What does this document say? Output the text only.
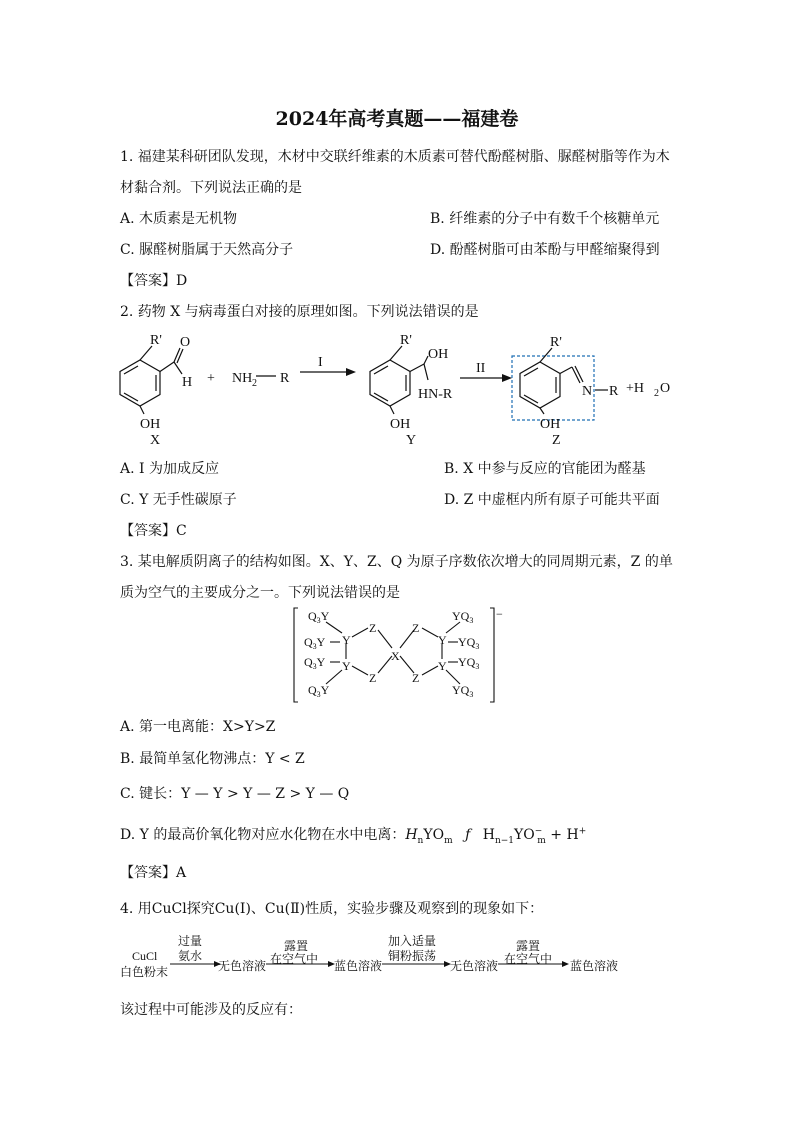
2024年高考真题——福建卷
1. 福建某科研团队发现，木材中交联纤维素的木质素可替代酚醛树脂、脲醛树脂等作为木
材黏合剂。下列说法正确的是
A. 木质素是无机物	B. 纤维素的分子中有数千个核糖单元
C. 脲醛树脂属于天然高分子	D. 酚醛树脂可由苯酚与甲醛缩聚得到
【答案】D
2. 药物 X 与病毒蛋白对接的原理如图。下列说法错误的是
R' O
H
OH
+ NH 2 R
I
R'
OH
HN-R
OH
II
R'
N R
OH
+H 2 O
X	Y	Z
A. I 为加成反应	B. X 中参与反应的官能团为醛基
C. Y 无手性碳原子	D. Z 中虚框内所有原子可能共平面
【答案】C
3. 某电解质阴离子的结构如图。X、Y、Z、Q 为原子序数依次增大的同周期元素，Z 的单
质为空气的主要成分之一。下列说法错误的是
$Q_3Y$
$Q_3Y$
$Q_3Y$
$Q_3Y$
Y
Y
Z
Z
X
Z
Z
Y
Y
$YQ_3$
$YQ_3$
$YQ_3$
$YQ_3$
−
A. 第一电离能：X>Y>Z
B. 最简单氢化物沸点：Y < Z
C. 键长：Y — Y > Y — Z > Y — Q
D. Y 的最高价氧化物对应水化物在水中电离：$H_nYO_m$ ƒ $H_{n-1}YO^-_m + H^+$
【答案】A
4. 用CuCl探究Cu(Ⅰ)、Cu(Ⅱ)性质，实验步骤及观察到的现象如下：
CuCl
白色粉末
过量
氨水
无色溶液
露置
在空气中 蓝色溶液
加入适量
铜粉振荡
无色溶液
露置
在空气中 蓝色溶液
该过程中可能涉及的反应有：
